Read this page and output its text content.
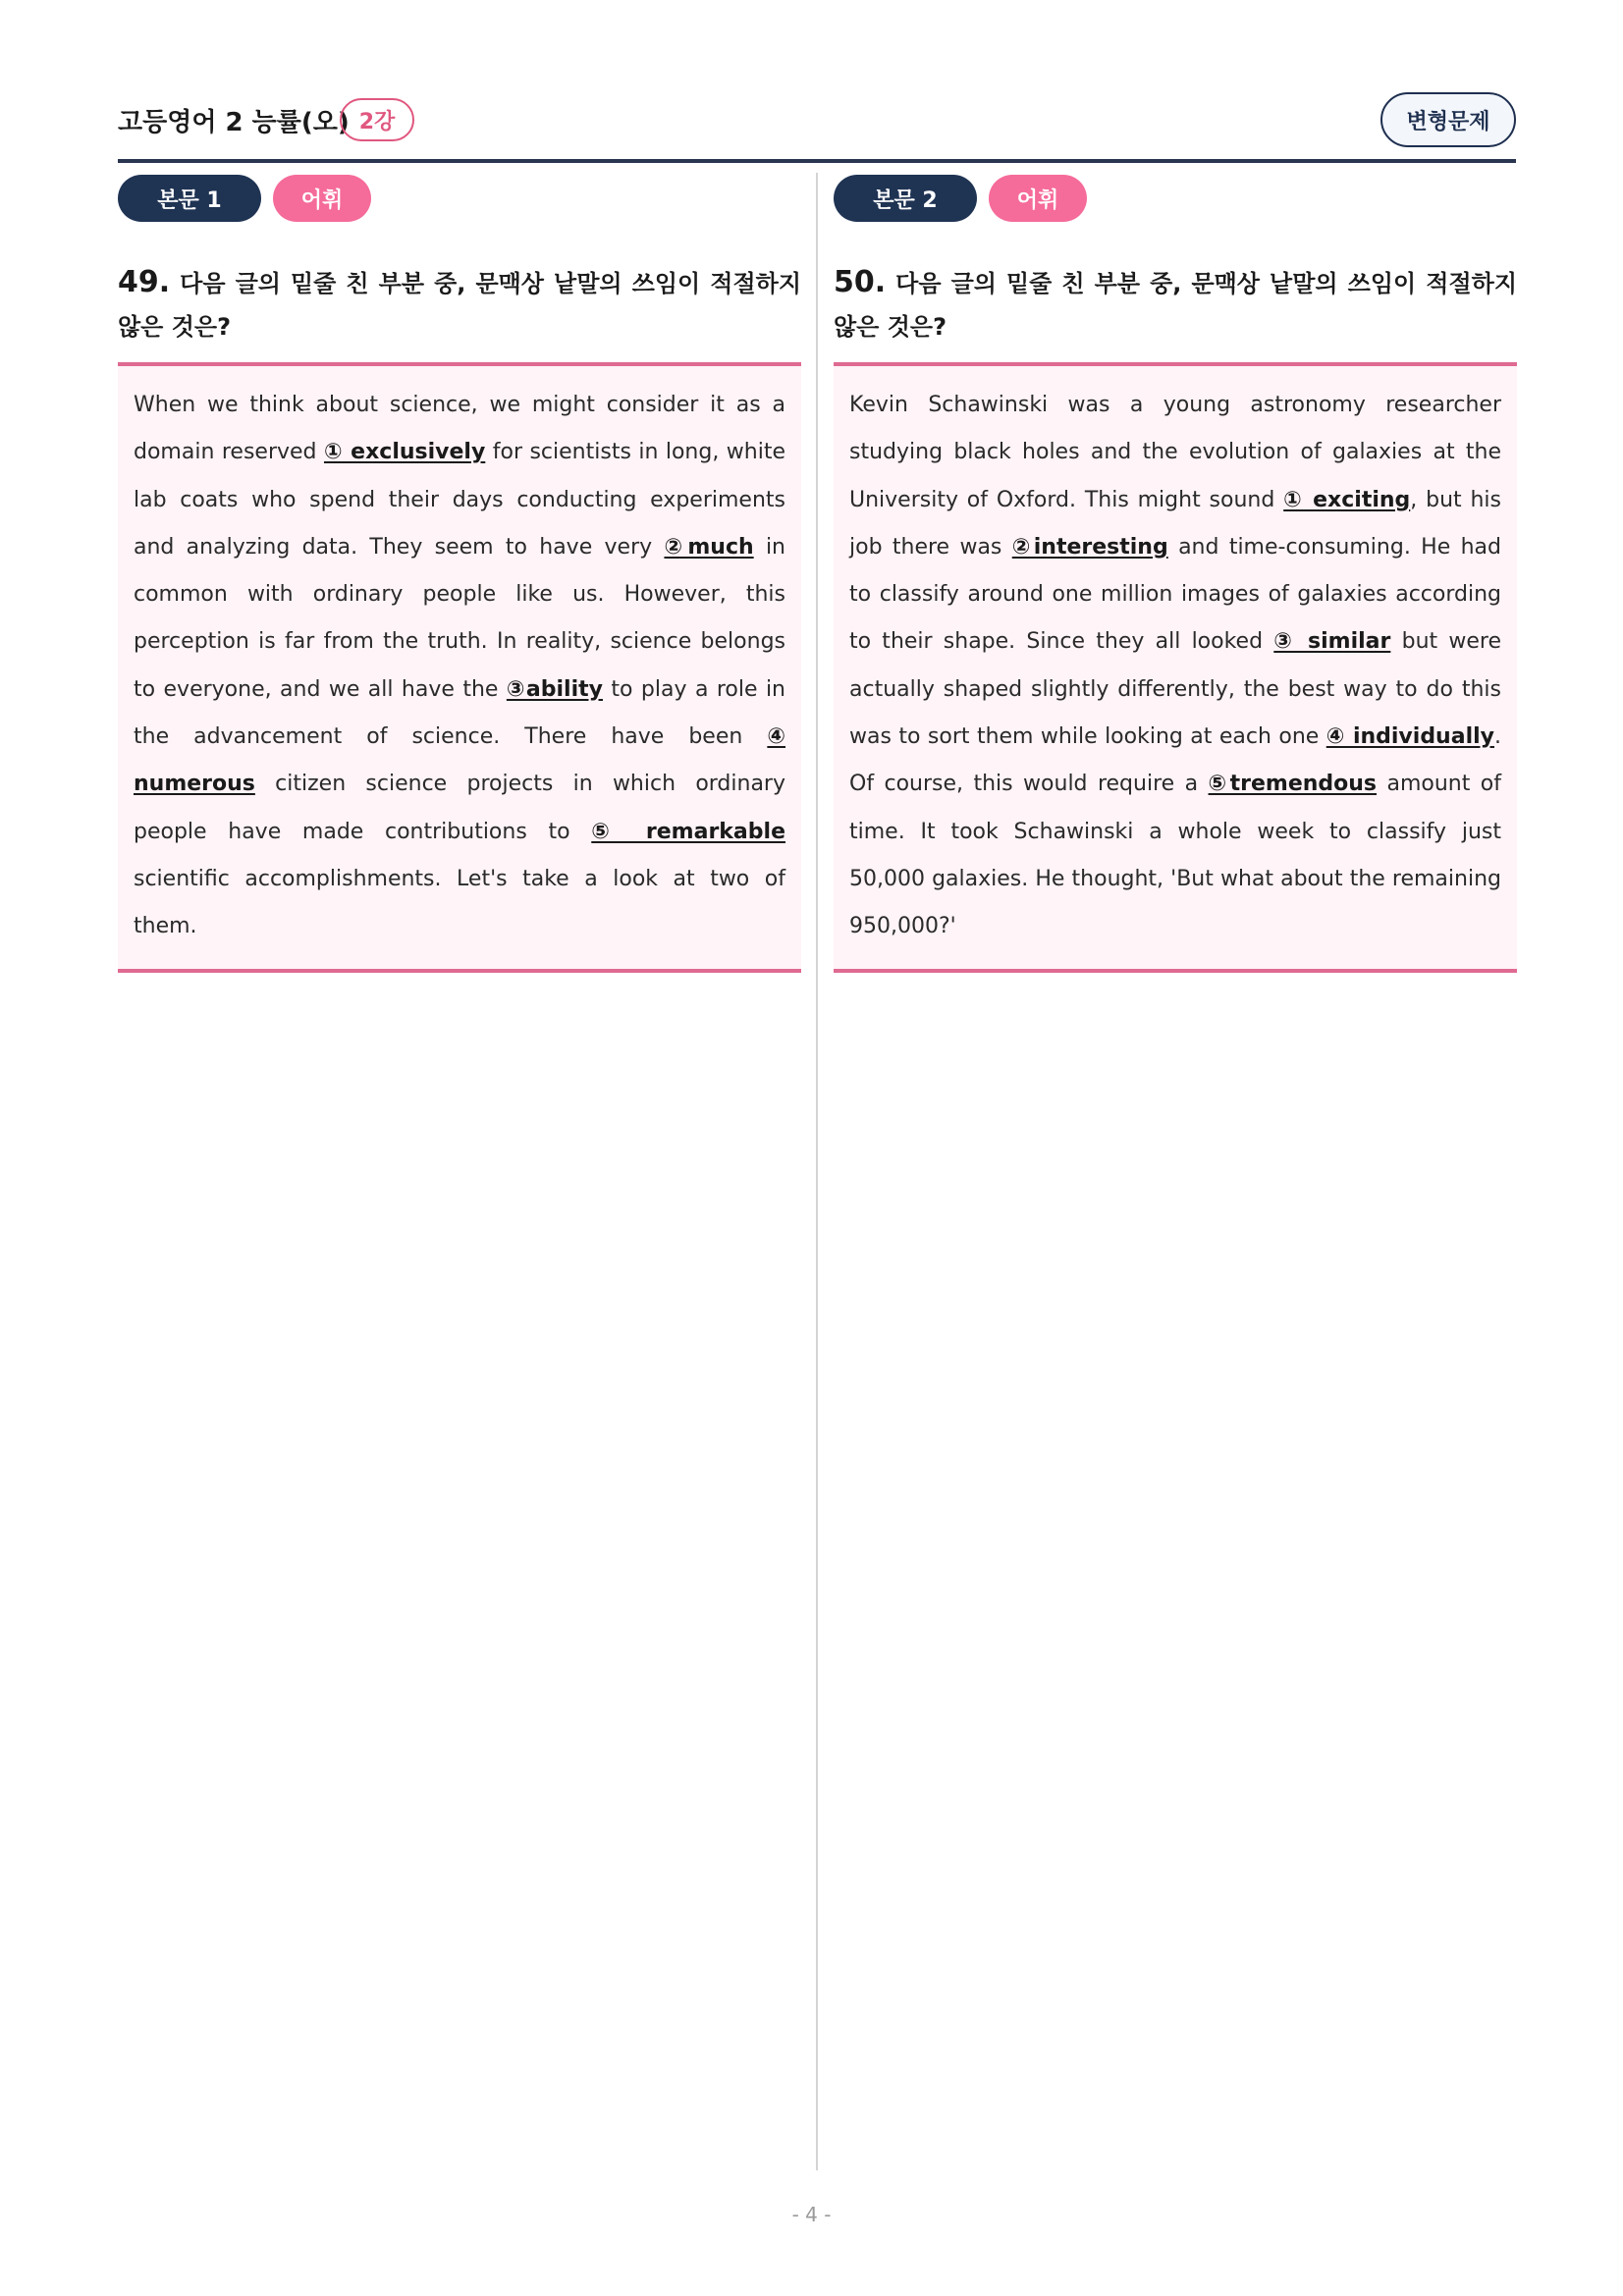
고등영어 2 능률(오) 2강	변형문제
본문 1	어휘
49. 다음 글의 밑줄 친 부분 중, 문맥상 낱말의 쓰임이 적절하지 않은 것은?
When we think about science, we might consider it as a domain reserved ① exclusively for scientists in long, white lab coats who spend their days conducting experiments and analyzing data. They seem to have very ②much in common with ordinary people like us. However, this perception is far from the truth. In reality, science belongs to everyone, and we all have the ③ability to play a role in the advancement of science. There have been ④ numerous citizen science projects in which ordinary people have made contributions to ⑤ remarkable scientific accomplishments. Let's take a look at two of them.
본문 2	어휘
50. 다음 글의 밑줄 친 부분 중, 문맥상 낱말의 쓰임이 적절하지 않은 것은?
Kevin Schawinski was a young astronomy researcher studying black holes and the evolution of galaxies at the University of Oxford. This might sound ① exciting, but his job there was ②interesting and time-consuming. He had to classify around one million images of galaxies according to their shape. Since they all looked ③ similar but were actually shaped slightly differently, the best way to do this was to sort them while looking at each one ④ individually. Of course, this would require a ⑤tremendous amount of time. It took Schawinski a whole week to classify just 50,000 galaxies. He thought, 'But what about the remaining 950,000?'
- 4 -
